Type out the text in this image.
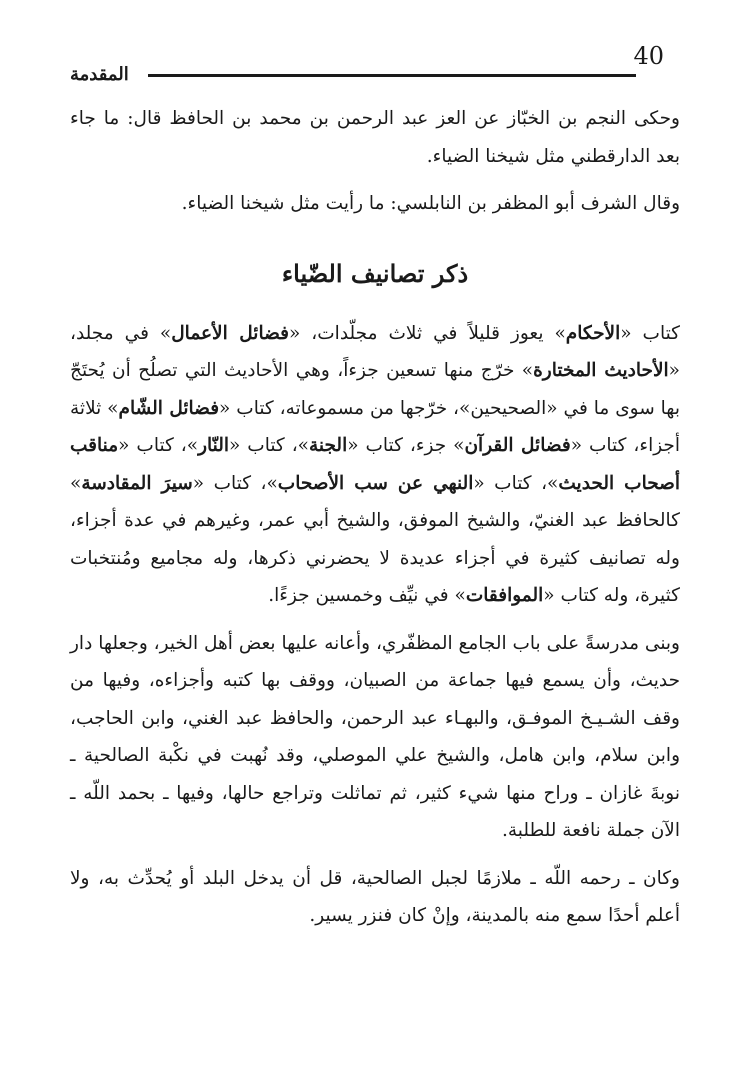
المقدمة
40

وحكى النجم بن الخبّاز عن العز عبد الرحمن بن محمد بن الحافظ قال: ما جاء بعد الدارقطني مثل شيخنا الضياء.

وقال الشرف أبو المظفر بن النابلسي: ما رأيت مثل شيخنا الضياء.

ذكر تصانيف الضّياء

كتاب «الأحكام» يعوز قليلاً في ثلاث مجلّدات، «فضائل الأعمال» في مجلد، «الأحاديث المختارة» خرّج منها تسعين جزءاً، وهي الأحاديث التي تصلُح أن يُحتَجّ بها سوى ما في «الصحيحين»، خرّجها من مسموعاته، كتاب «فضائل الشّام» ثلاثة أجزاء، كتاب «فضائل القرآن» جزء، كتاب «الجنة»، كتاب «النّار»، كتاب «مناقب أصحاب الحديث»، كتاب «النهي عن سب الأصحاب»، كتاب «سيرَ المقادسة» كالحافظ عبد الغنيّ، والشيخ الموفق، والشيخ أبي عمر، وغيرهم في عدة أجزاء، وله تصانيف كثيرة في أجزاء عديدة لا يحضرني ذكرها، وله مجاميع ومُنتخبات كثيرة، وله كتاب «الموافقات» في نيِّف وخمسين جزءًا.

وبنى مدرسةً على باب الجامع المظفّري، وأعانه عليها بعض أهل الخير، وجعلها دار حديث، وأن يسمع فيها جماعة من الصبيان، ووقف بها كتبه وأجزاءه، وفيها من وقف الشـيـخ الموفـق، والبهـاء عبد الرحمن، والحافظ عبد الغني، وابن الحاجب، وابن سلام، وابن هامل، والشيخ علي الموصلي، وقد نُهبت في نكْبة الصالحية ـ نوبةَ غازان ـ وراح منها شيء كثير، ثم تماثلت وتراجع حالها، وفيها ـ بحمد اللّه ـ الآن جملة نافعة للطلبة.

وكان ـ رحمه اللّه ـ ملازمًا لجبل الصالحية، قل أن يدخل البلد أو يُحدِّث به، ولا أعلم أحدًا سمع منه بالمدينة، وإنْ كان فنزر يسير.
